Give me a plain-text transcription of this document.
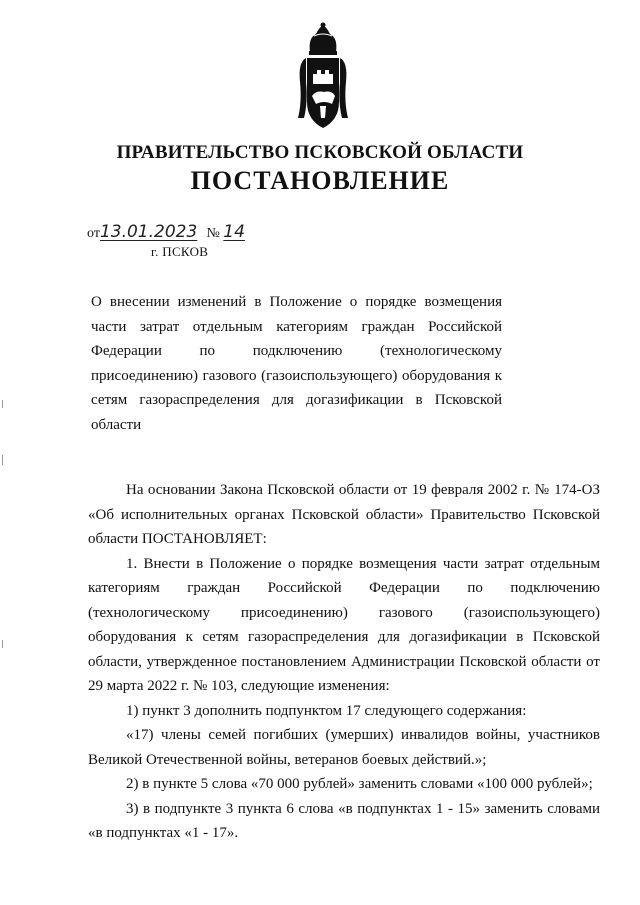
ПРАВИТЕЛЬСТВО ПСКОВСКОЙ ОБЛАСТИ
ПОСТАНОВЛЕНИЕ
от13.01.2023 № 14
г. ПСКОВ
О внесении изменений в Положение о порядке возмещения части затрат отдельным категориям граждан Российской Федерации по подключению (технологическому присоединению) газового (газоиспользующего) оборудования к сетям газораспределения для догазификации в Псковской области

На основании Закона Псковской области от 19 февраля 2002 г. № 174-ОЗ «Об исполнительных органах Псковской области» Правительство Псковской области ПОСТАНОВЛЯЕТ:

1. Внести в Положение о порядке возмещения части затрат отдельным категориям граждан Российской Федерации по подключению (технологическому присоединению) газового (газоиспользующего) оборудования к сетям газораспределения для догазификации в Псковской области, утвержденное постановлением Администрации Псковской области от 29 марта 2022 г. № 103, следующие изменения:

1) пункт 3 дополнить подпунктом 17 следующего содержания:

«17) члены семей погибших (умерших) инвалидов войны, участников Великой Отечественной войны, ветеранов боевых действий.»;

2) в пункте 5 слова «70 000 рублей» заменить словами «100 000 рублей»;

3) в подпункте 3 пункта 6 слова «в подпунктах 1 - 15» заменить словами «в подпунктах «1 - 17».
